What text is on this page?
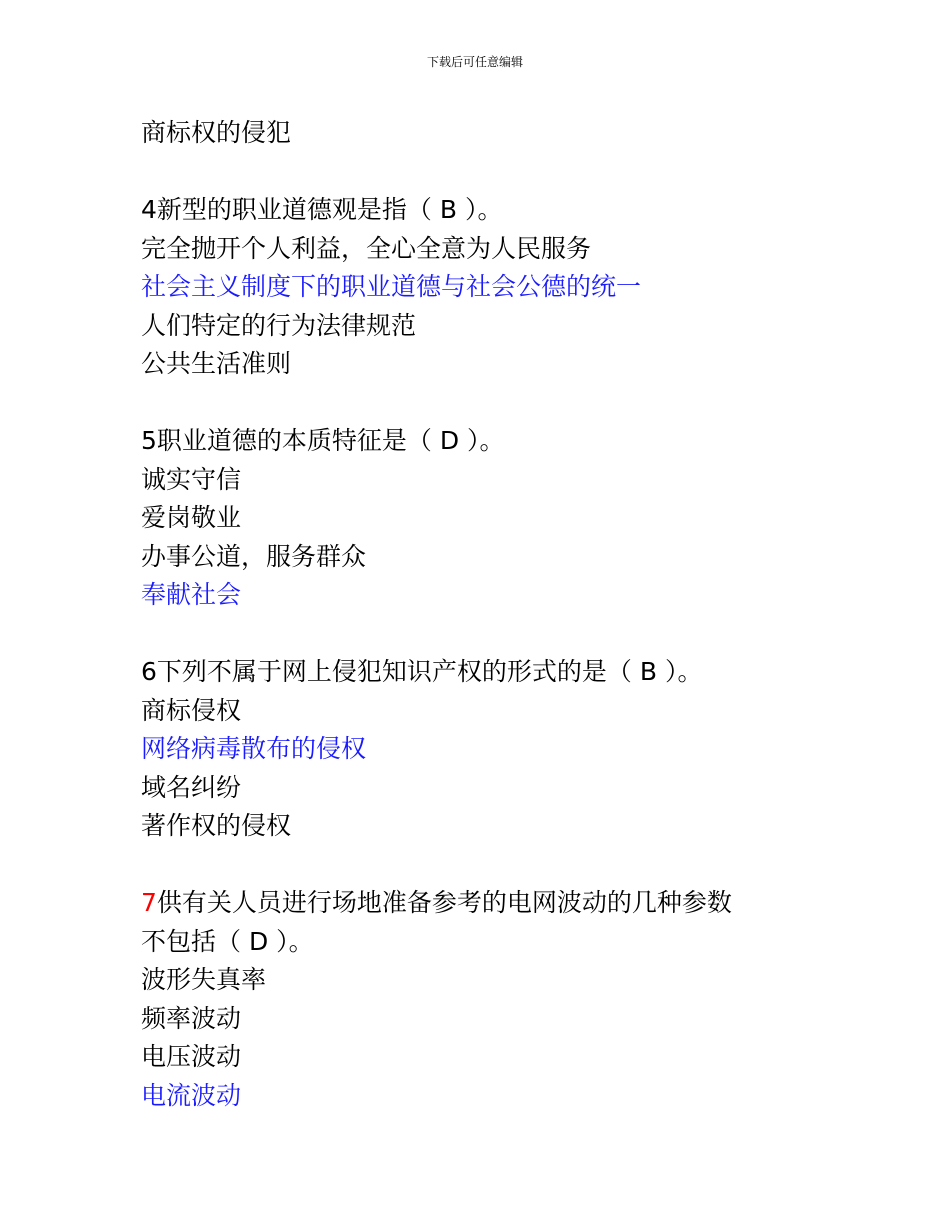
下载后可任意编辑
商标权的侵犯
4新型的职业道德观是指（ B ）。
完全抛开个人利益，全心全意为人民服务
社会主义制度下的职业道德与社会公德的统一
人们特定的行为法律规范
公共生活准则
5职业道德的本质特征是（ D ）。
诚实守信
爱岗敬业
办事公道，服务群众
奉献社会
6下列不属于网上侵犯知识产权的形式的是（ B ）。
商标侵权
网络病毒散布的侵权
域名纠纷
著作权的侵权
7供有关人员进行场地准备参考的电网波动的几种参数
不包括（ D ）。
波形失真率
频率波动
电压波动
电流波动
